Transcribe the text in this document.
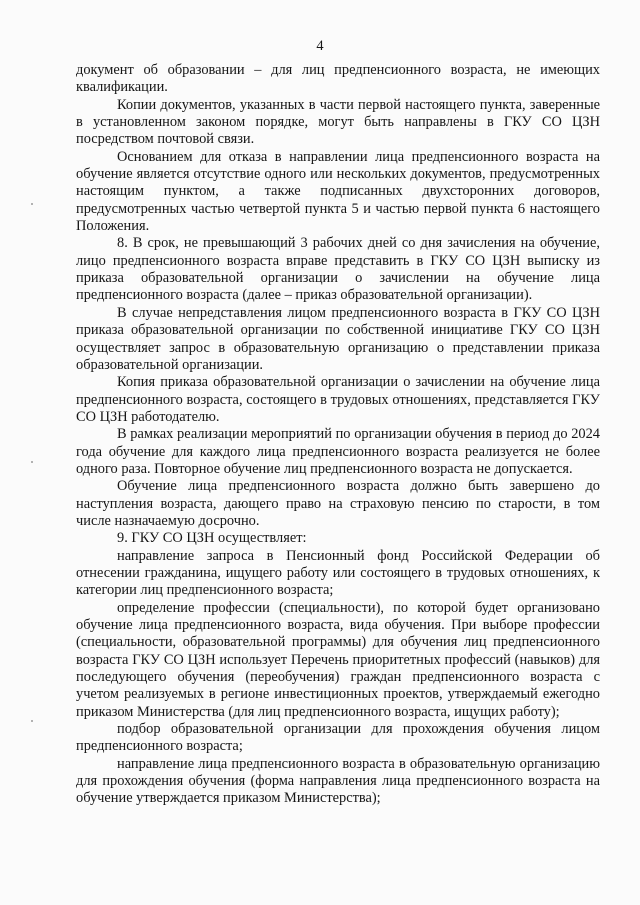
4

документ об образовании – для лиц предпенсионного возраста, не имеющих квалификации.

Копии документов, указанных в части первой настоящего пункта, заверенные в установленном законом порядке, могут быть направлены в ГКУ СО ЦЗН посредством почтовой связи.

Основанием для отказа в направлении лица предпенсионного возраста на обучение является отсутствие одного или нескольких документов, предусмотренных настоящим пунктом, а также подписанных двухсторонних договоров, предусмотренных частью четвертой пункта 5 и частью первой пункта 6 настоящего Положения.

8. В срок, не превышающий 3 рабочих дней со дня зачисления на обучение, лицо предпенсионного возраста вправе представить в ГКУ СО ЦЗН выписку из приказа образовательной организации о зачислении на обучение лица предпенсионного возраста (далее – приказ образовательной организации).

В случае непредставления лицом предпенсионного возраста в ГКУ СО ЦЗН приказа образовательной организации по собственной инициативе ГКУ СО ЦЗН осуществляет запрос в образовательную организацию о представлении приказа образовательной организации.

Копия приказа образовательной организации о зачислении на обучение лица предпенсионного возраста, состоящего в трудовых отношениях, представляется ГКУ СО ЦЗН работодателю.

В рамках реализации мероприятий по организации обучения в период до 2024 года обучение для каждого лица предпенсионного возраста реализуется не более одного раза. Повторное обучение лиц предпенсионного возраста не допускается.

Обучение лица предпенсионного возраста должно быть завершено до наступления возраста, дающего право на страховую пенсию по старости, в том числе назначаемую досрочно.

9. ГКУ СО ЦЗН осуществляет:

направление запроса в Пенсионный фонд Российской Федерации об отнесении гражданина, ищущего работу или состоящего в трудовых отношениях, к категории лиц предпенсионного возраста;

определение профессии (специальности), по которой будет организовано обучение лица предпенсионного возраста, вида обучения. При выборе профессии (специальности, образовательной программы) для обучения лиц предпенсионного возраста ГКУ СО ЦЗН использует Перечень приоритетных профессий (навыков) для последующего обучения (переобучения) граждан предпенсионного возраста с учетом реализуемых в регионе инвестиционных проектов, утверждаемый ежегодно приказом Министерства (для лиц предпенсионного возраста, ищущих работу);

подбор образовательной организации для прохождения обучения лицом предпенсионного возраста;

направление лица предпенсионного возраста в образовательную организацию для прохождения обучения (форма направления лица предпенсионного возраста на обучение утверждается приказом Министерства);
